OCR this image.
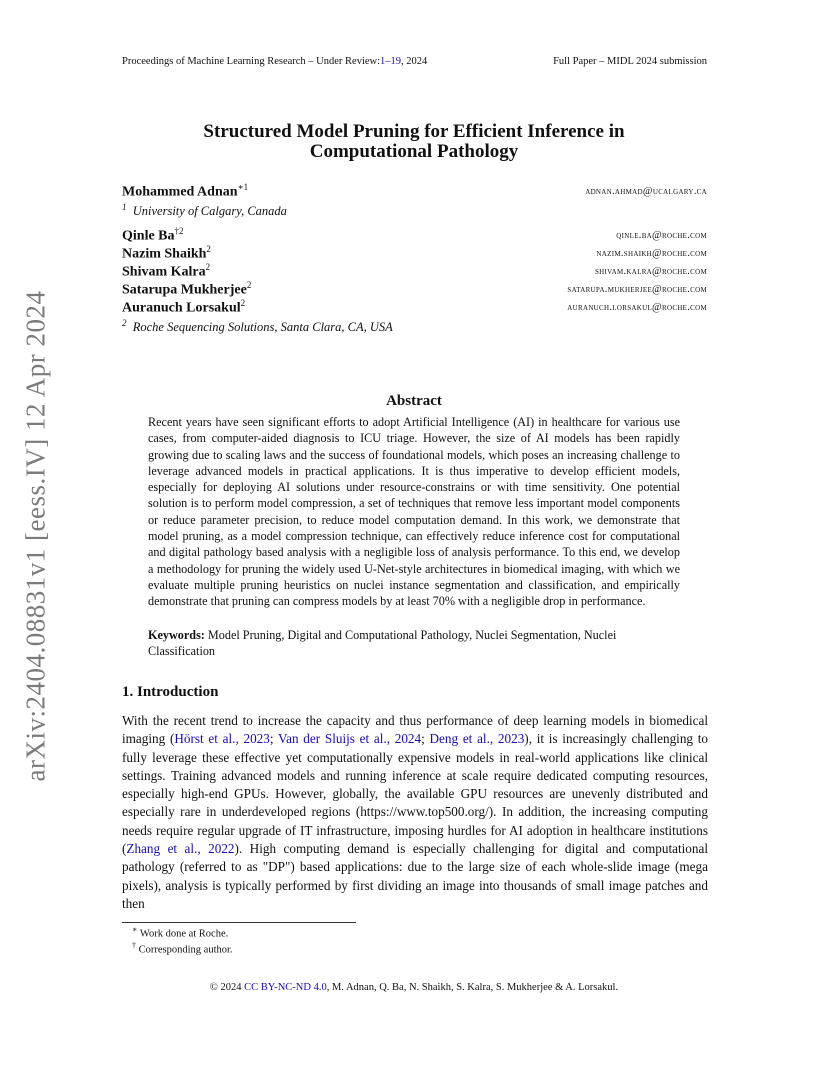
arXiv:2404.08831v1 [eess.IV] 12 Apr 2024
Proceedings of Machine Learning Research – Under Review:1–19, 2024	Full Paper – MIDL 2024 submission
Structured Model Pruning for Efficient Inference in
Computational Pathology
Mohammed Adnan$^{∗1}$	adnan.ahmad@ucalgary.ca
$^1$ University of Calgary, Canada
Qinle Ba$^{\dagger 2}$	qinle.ba@roche.com
Nazim Shaikh$^2$	nazim.shaikh@roche.com
Shivam Kalra$^2$	shivam.kalra@roche.com
Satarupa Mukherjee$^2$	satarupa.mukherjee@roche.com
Auranuch Lorsakul$^2$	auranuch.lorsakul@roche.com
$^2$ Roche Sequencing Solutions, Santa Clara, CA, USA
Abstract
Recent years have seen significant efforts to adopt Artificial Intelligence (AI) in healthcare for various use cases, from computer-aided diagnosis to ICU triage. However, the size of AI models has been rapidly growing due to scaling laws and the success of foundational models, which poses an increasing challenge to leverage advanced models in practical applications. It is thus imperative to develop efficient models, especially for deploying AI solutions under resource-constrains or with time sensitivity. One potential solution is to perform model compression, a set of techniques that remove less important model components or reduce parameter precision, to reduce model computation demand. In this work, we demonstrate that model pruning, as a model compression technique, can effectively reduce inference cost for computational and digital pathology based analysis with a negligible loss of analysis performance. To this end, we develop a methodology for pruning the widely used U-Net-style architectures in biomedical imaging, with which we evaluate multiple pruning heuristics on nuclei instance segmentation and classification, and empirically demonstrate that pruning can compress models by at least 70% with a negligible drop in performance.
Keywords: Model Pruning, Digital and Computational Pathology, Nuclei Segmentation, Nuclei Classification
1. Introduction
With the recent trend to increase the capacity and thus performance of deep learning models in biomedical imaging (Hörst et al., 2023; Van der Sluijs et al., 2024; Deng et al., 2023), it is increasingly challenging to fully leverage these effective yet computationally expensive models in real-world applications like clinical settings. Training advanced models and running inference at scale require dedicated computing resources, especially high-end GPUs. However, globally, the available GPU resources are unevenly distributed and especially rare in underdeveloped regions (https://www.top500.org/). In addition, the increasing computing needs require regular upgrade of IT infrastructure, imposing hurdles for AI adoption in healthcare institutions (Zhang et al., 2022). High computing demand is especially challenging for digital and computational pathology (referred to as "DP") based applications: due to the large size of each whole-slide image (mega pixels), analysis is typically performed by first dividing an image into thousands of small image patches and then
∗ Work done at Roche.
† Corresponding author.
© 2024 CC BY-NC-ND 4.0, M. Adnan, Q. Ba, N. Shaikh, S. Kalra, S. Mukherjee & A. Lorsakul.
